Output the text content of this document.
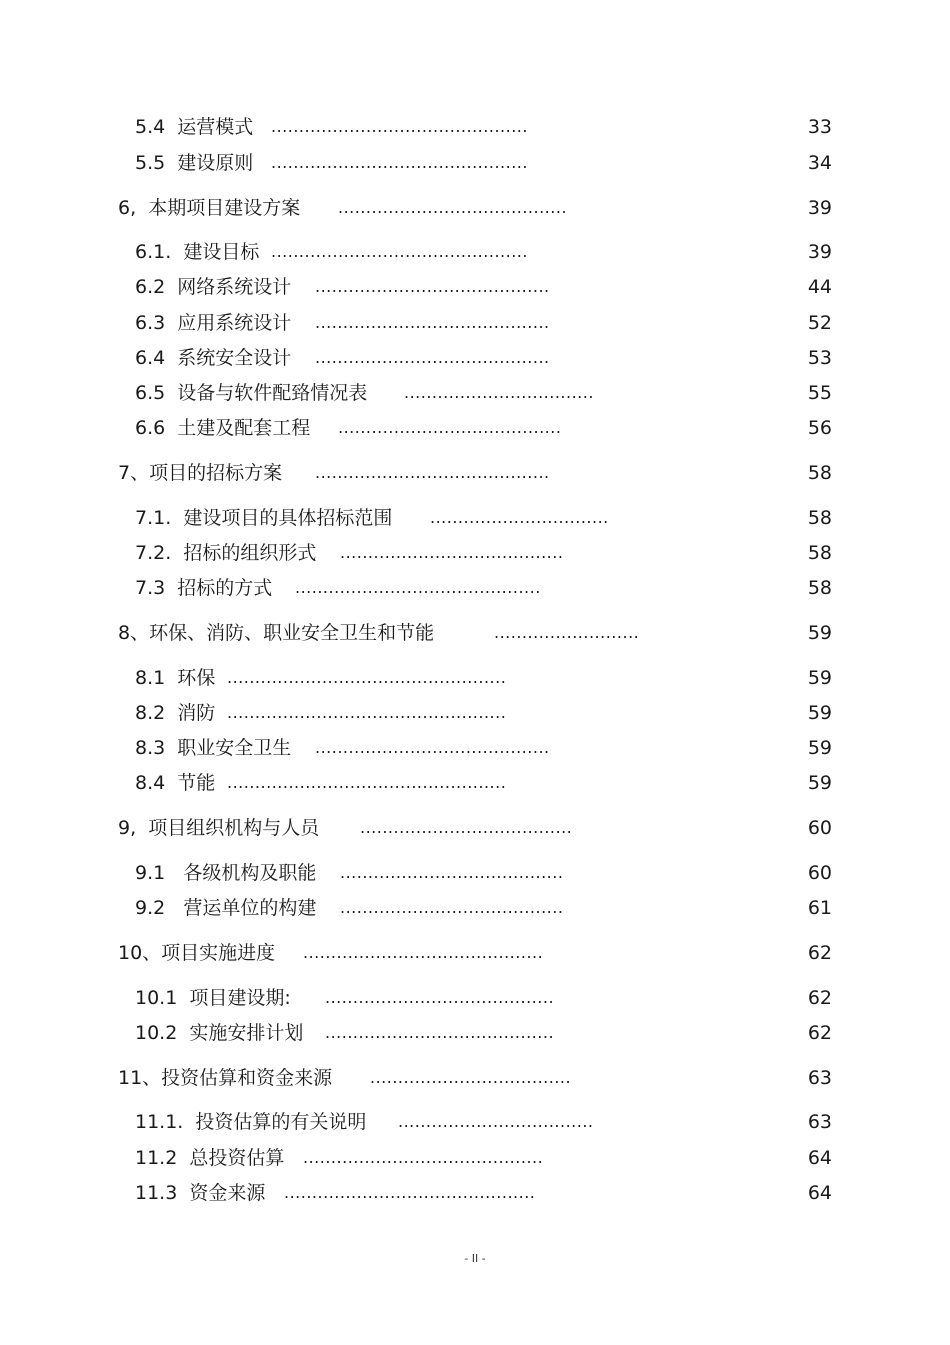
5.4  运营模式 ..............................................	33
5.5  建设原则 ..............................................	34
6,  本期项目建设方案 .........................................	39
6.1.  建设目标 ..............................................	39
6.2  网络系统设计 ..........................................	44
6.3  应用系统设计 ..........................................	52
6.4  系统安全设计 ..........................................	53
6.5  设备与软件配臵情况表 ..................................	55
6.6  土建及配套工程 ........................................	56
7、项目的招标方案 ..........................................	58
7.1.  建设项目的具体招标范围 ................................	58
7.2.  招标的组织形式 ........................................	58
7.3  招标的方式 ............................................	58
8、环保、消防、职业安全卫生和节能	..........................	59
8.1  环保 ..................................................	59
8.2  消防 ..................................................	59
8.3  职业安全卫生 ..........................................	59
8.4  节能 ..................................................	59
9,  项目组织机构与人员	......................................	60
9.1   各级机构及职能 ........................................	60
9.2   营运单位的构建 ........................................	61
10、项目实施进度 ...........................................	62
10.1  项目建设期: .........................................	62
10.2  实施安排计划 .........................................	62
11、投资估算和资金来源 ....................................	63
11.1.  投资估算的有关说明 ...................................	63
11.2  总投资估算 ...........................................	64
11.3  资金来源 .............................................	64
- II -
